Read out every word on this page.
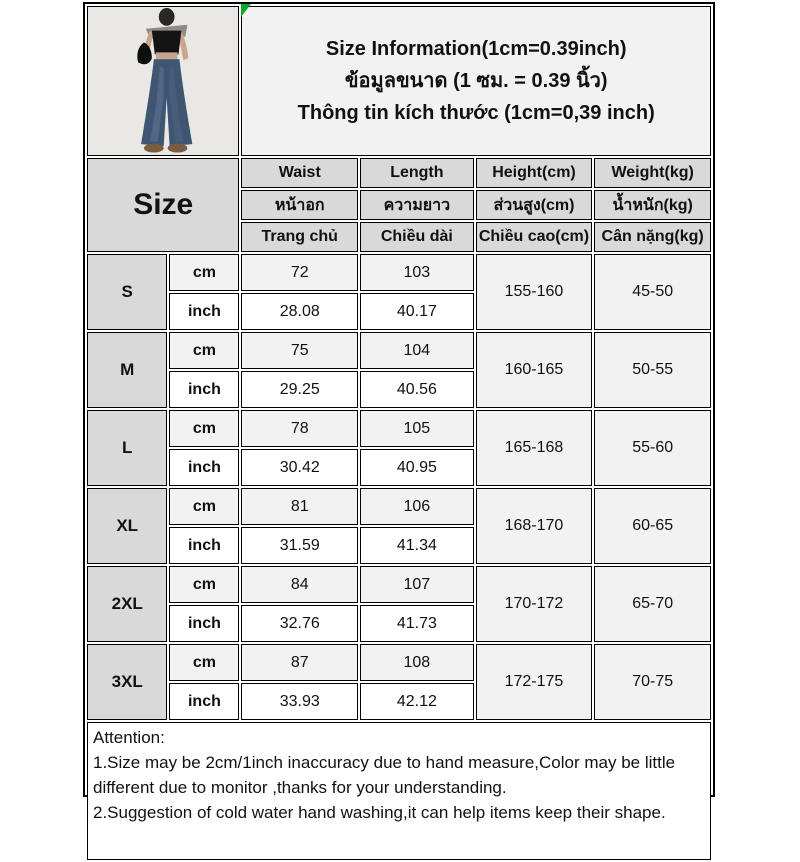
Size Information(1cm=0.39inch)
ข้อมูลขนาด (1 ซม. = 0.39 นิ้ว)
Thông tin kích thước (1cm=0,39 inch)			

Size		Waist	Length	Height(cm)	Weight(kg)
		หน้าอก	ความยาว	ส่วนสูง(cm)	น้ำหนัก(kg)
		Trang chủ	Chiều dài	Chiều cao(cm)	Cân nặng(kg)
S	cm	72	103	155-160	45-50
	inch	28.08	40.17		
M	cm	75	104	160-165	50-55
	inch	29.25	40.56		
L	cm	78	105	165-168	55-60
	inch	30.42	40.95		
XL	cm	81	106	168-170	60-65
	inch	31.59	41.34		
2XL	cm	84	107	170-172	65-70
	inch	32.76	41.73		
3XL	cm	87	108	172-175	70-75
	inch	33.93	42.12		

Attention:
1.Size may be 2cm/1inch inaccuracy due to hand measure,Color may be little different due to monitor ,thanks for your understanding.
2.Suggestion of cold water hand washing,it can help items keep their shape.					
